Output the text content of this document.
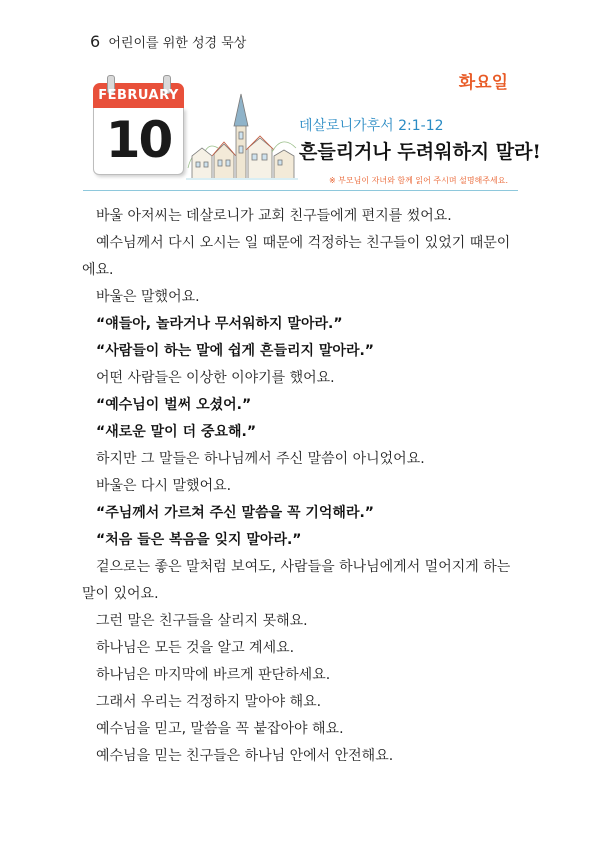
6 어린이를 위한 성경 묵상
화요일
FEBRUARY
10	데살로니가후서 2:1-12
흔들리거나 두려워하지 말라!
※ 부모님이 자녀와 함께 읽어 주시며 설명해주세요.

바울 아저씨는 데살로니가 교회 친구들에게 편지를 썼어요.

예수님께서 다시 오시는 일 때문에 걱정하는 친구들이 있었기 때문이에요.

바울은 말했어요.

“얘들아, 놀라거나 무서워하지 말아라.”

“사람들이 하는 말에 쉽게 흔들리지 말아라.”

어떤 사람들은 이상한 이야기를 했어요.

“예수님이 벌써 오셨어.”

“새로운 말이 더 중요해.”

하지만 그 말들은 하나님께서 주신 말씀이 아니었어요.

바울은 다시 말했어요.

“주님께서 가르쳐 주신 말씀을 꼭 기억해라.”

“처음 들은 복음을 잊지 말아라.”

겉으로는 좋은 말처럼 보여도, 사람들을 하나님에게서 멀어지게 하는 말이 있어요.

그런 말은 친구들을 살리지 못해요.

하나님은 모든 것을 알고 계세요.

하나님은 마지막에 바르게 판단하세요.

그래서 우리는 걱정하지 말아야 해요.

예수님을 믿고, 말씀을 꼭 붙잡아야 해요.

예수님을 믿는 친구들은 하나님 안에서 안전해요.
